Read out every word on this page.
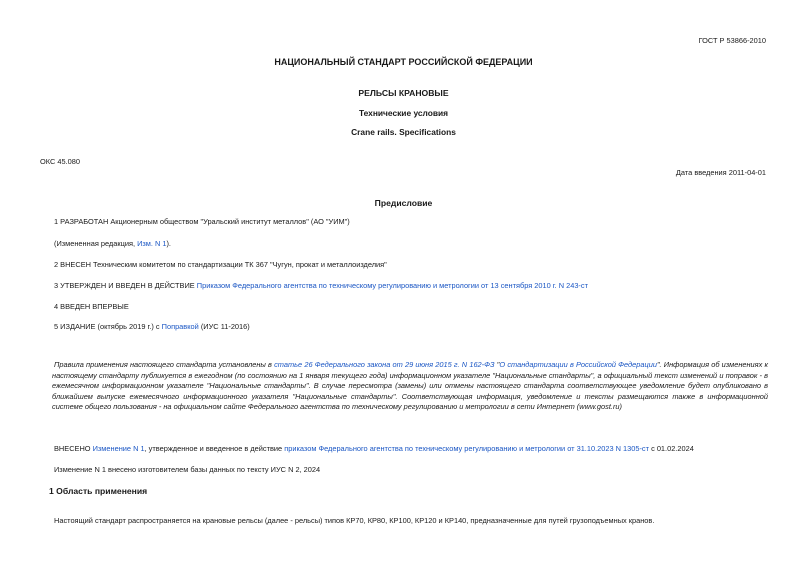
ГОСТ Р 53866-2010

НАЦИОНАЛЬНЫЙ СТАНДАРТ РОССИЙСКОЙ ФЕДЕРАЦИИ

РЕЛЬСЫ КРАНОВЫЕ

Технические условия

Crane rails. Specifications

ОКС 45.080

Дата введения 2011-04-01

Предисловие

1 РАЗРАБОТАН Акционерным обществом "Уральский институт металлов" (АО "УИМ")

(Измененная редакция, Изм. N 1).

2 ВНЕСЕН Техническим комитетом по стандартизации ТК 367 "Чугун, прокат и металлоизделия"

3 УТВЕРЖДЕН И ВВЕДЕН В ДЕЙСТВИЕ Приказом Федерального агентства по техническому регулированию и метрологии от 13 сентября 2010 г. N 243-ст

4 ВВЕДЕН ВПЕРВЫЕ

5 ИЗДАНИЕ (октябрь 2019 г.) с Поправкой (ИУС 11-2016)

Правила применения настоящего стандарта установлены в статье 26 Федерального закона от 29 июня 2015 г. N 162-ФЗ "О стандартизации в Российской Федерации". Информация об изменениях к настоящему стандарту публикуется в ежегодном (по состоянию на 1 января текущего года) информационном указателе "Национальные стандарты", а официальный текст изменений и поправок - в ежемесячном информационном указателе "Национальные стандарты". В случае пересмотра (замены) или отмены настоящего стандарта соответствующее уведомление будет опубликовано в ближайшем выпуске ежемесячного информационного указателя "Национальные стандарты". Соответствующая информация, уведомление и тексты размещаются также в информационной системе общего пользования - на официальном сайте Федерального агентства по техническому регулированию и метрологии в сети Интернет (www.gost.ru)

ВНЕСЕНО Изменение N 1, утвержденное и введенное в действие приказом Федерального агентства по техническому регулированию и метрологии от 31.10.2023 N 1305-ст с 01.02.2024

Изменение N 1 внесено изготовителем базы данных по тексту ИУС N 2, 2024

1 Область применения

Настоящий стандарт распространяется на крановые рельсы (далее - рельсы) типов КР70, КР80, КР100, КР120 и КР140, предназначенные для путей грузоподъемных кранов.
